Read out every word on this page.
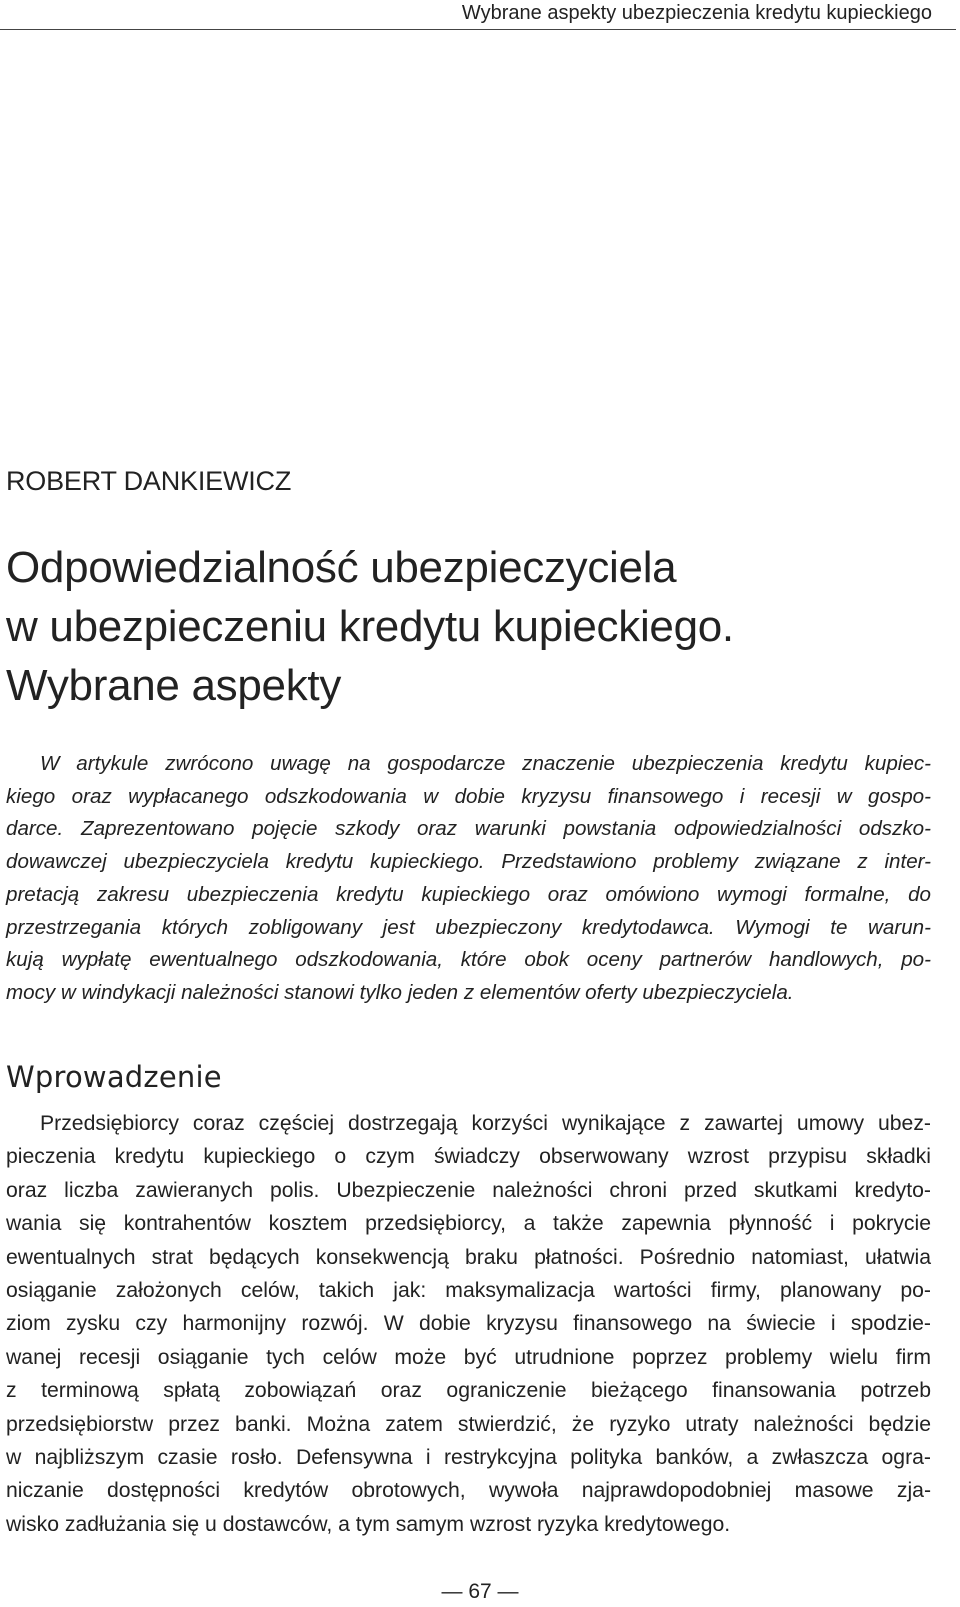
Wybrane aspekty ubezpieczenia kredytu kupieckiego
ROBERT DANKIEWICZ
Odpowiedzialność ubezpieczyciela
w ubezpieczeniu kredytu kupieckiego.
Wybrane aspekty

W artykule zwrócono uwagę na gospodarcze znaczenie ubezpieczenia kredytu kupiec-
kiego oraz wypłacanego odszkodowania w dobie kryzysu finansowego i recesji w gospo-
darce. Zaprezentowano pojęcie szkody oraz warunki powstania odpowiedzialności odszko-
dowawczej ubezpieczyciela kredytu kupieckiego. Przedstawiono problemy związane z inter-
pretacją zakresu ubezpieczenia kredytu kupieckiego oraz omówiono wymogi formalne, do
przestrzegania których zobligowany jest ubezpieczony kredytodawca. Wymogi te warun-
kują wypłatę ewentualnego odszkodowania, które obok oceny partnerów handlowych, po-
mocy w windykacji należności stanowi tylko jeden z elementów oferty ubezpieczyciela.

Wprowadzenie

Przedsiębiorcy coraz częściej dostrzegają korzyści wynikające z zawartej umowy ubez-
pieczenia kredytu kupieckiego o czym świadczy obserwowany wzrost przypisu składki
oraz liczba zawieranych polis. Ubezpieczenie należności chroni przed skutkami kredyto-
wania się kontrahentów kosztem przedsiębiorcy, a także zapewnia płynność i pokrycie
ewentualnych strat będących konsekwencją braku płatności. Pośrednio natomiast, ułatwia
osiąganie założonych celów, takich jak: maksymalizacja wartości firmy, planowany po-
ziom zysku czy harmonijny rozwój. W dobie kryzysu finansowego na świecie i spodzie-
wanej recesji osiąganie tych celów może być utrudnione poprzez problemy wielu firm
z terminową spłatą zobowiązań oraz ograniczenie bieżącego finansowania potrzeb
przedsiębiorstw przez banki. Można zatem stwierdzić, że ryzyko utraty należności będzie
w najbliższym czasie rosło. Defensywna i restrykcyjna polityka banków, a zwłaszcza ogra-
niczanie dostępności kredytów obrotowych, wywoła najprawdopodobniej masowe zja-
wisko zadłużania się u dostawców, a tym samym wzrost ryzyka kredytowego.

— 67 —
